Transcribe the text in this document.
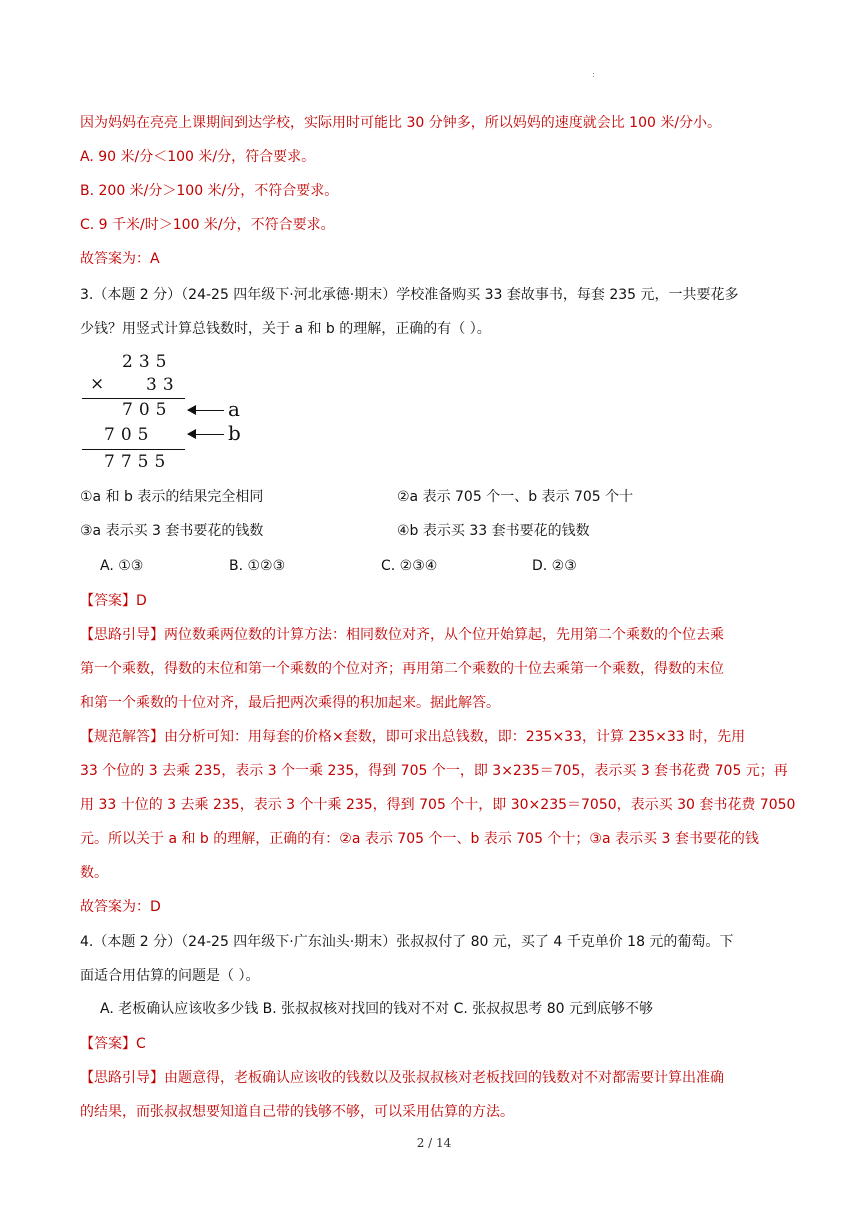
:
因为妈妈在亮亮上课期间到达学校，实际用时可能比 30 分钟多，所以妈妈的速度就会比 100 米/分小。
A. 90 米/分＜100 米/分，符合要求。
B. 200 米/分＞100 米/分，不符合要求。
C. 9 千米/时＞100 米/分，不符合要求。
故答案为：A
3.（本题 2 分）（24-25 四年级下·河北承德·期末）学校准备购买 33 套故事书，每套 235 元，一共要花多
少钱？用竖式计算总钱数时，关于 a 和 b 的理解，正确的有（ ）。
235
× 33
705	a
705	b
7755
①a 和 b 表示的结果完全相同	②a 表示 705 个一、b 表示 705 个十
③a 表示买 3 套书要花的钱数	④b 表示买 33 套书要花的钱数
A. ①③	B. ①②③	C. ②③④	D. ②③
【答案】D
【思路引导】两位数乘两位数的计算方法：相同数位对齐，从个位开始算起，先用第二个乘数的个位去乘
第一个乘数，得数的末位和第一个乘数的个位对齐；再用第二个乘数的十位去乘第一个乘数，得数的末位
和第一个乘数的十位对齐，最后把两次乘得的积加起来。据此解答。
【规范解答】由分析可知：用每套的价格×套数，即可求出总钱数，即：235×33，计算 235×33 时，先用
33 个位的 3 去乘 235，表示 3 个一乘 235，得到 705 个一，即 3×235＝705，表示买 3 套书花费 705 元；再
用 33 十位的 3 去乘 235，表示 3 个十乘 235，得到 705 个十，即 30×235＝7050，表示买 30 套书花费 7050
元。所以关于 a 和 b 的理解，正确的有：②a 表示 705 个一、b 表示 705 个十；③a 表示买 3 套书要花的钱
数。
故答案为：D
4.（本题 2 分）（24-25 四年级下·广东汕头·期末）张叔叔付了 80 元，买了 4 千克单价 18 元的葡萄。下
面适合用估算的问题是（ ）。
A. 老板确认应该收多少钱 B. 张叔叔核对找回的钱对不对 C. 张叔叔思考 80 元到底够不够
【答案】C
【思路引导】由题意得，老板确认应该收的钱数以及张叔叔核对老板找回的钱数对不对都需要计算出准确
的结果，而张叔叔想要知道自己带的钱够不够，可以采用估算的方法。
2 / 14
